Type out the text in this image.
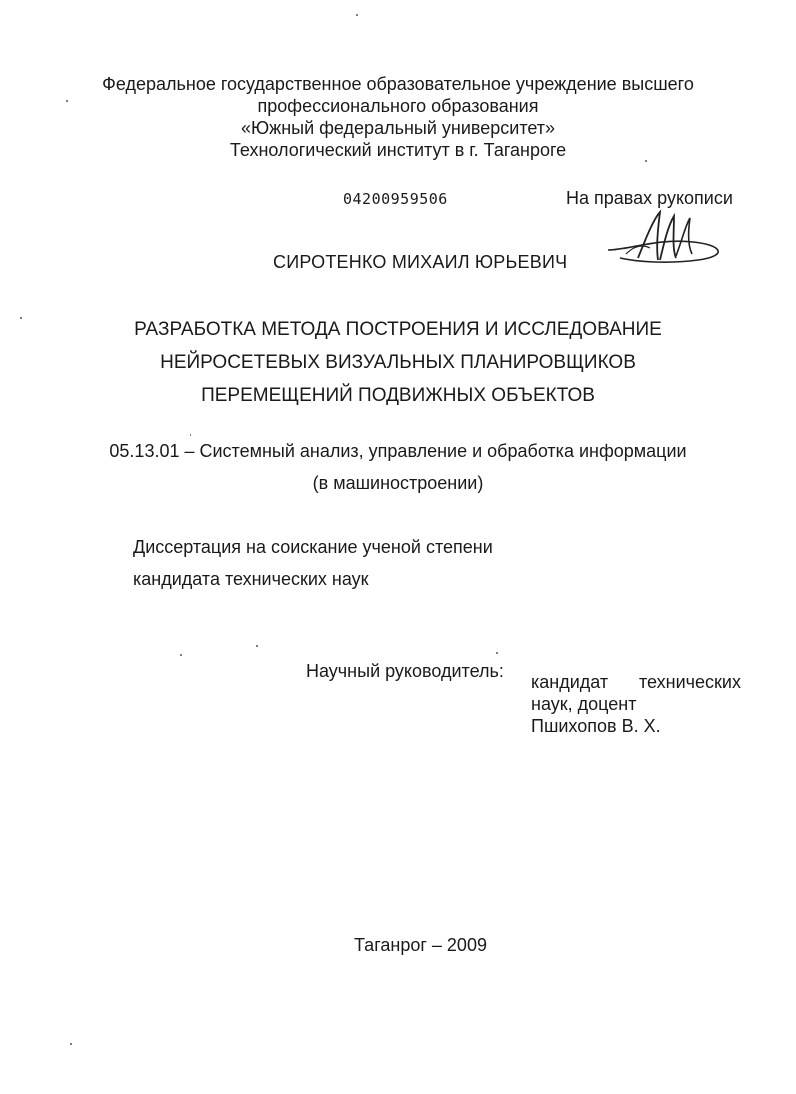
Федеральное государственное образовательное учреждение высшего
профессионального образования
«Южный федеральный университет»
Технологический институт в г. Таганроге
04200959506	На правах рукописи
СИРОТЕНКО МИХАИЛ ЮРЬЕВИЧ
РАЗРАБОТКА МЕТОДА ПОСТРОЕНИЯ И ИССЛЕДОВАНИЕ
НЕЙРОСЕТЕВЫХ ВИЗУАЛЬНЫХ ПЛАНИРОВЩИКОВ
ПЕРЕМЕЩЕНИЙ ПОДВИЖНЫХ ОБЪЕКТОВ
05.13.01 – Системный анализ, управление и обработка информации
(в машиностроении)
Диссертация на соискание ученой степени
кандидата технических наук
Научный руководитель:
кандидат технических
наук, доцент
Пшихопов В. Х.
Таганрог – 2009
